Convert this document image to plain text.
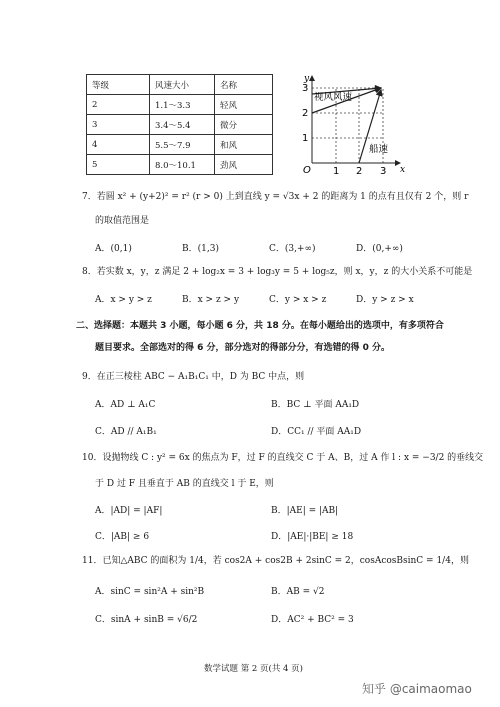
等级	风速大小	名称
2	1.1～3.3	轻风
3	3.4～5.4	微分
4	5.5～7.9	和风
5	8.0～10.1	劲风
y
x
O
1
2
3
1 2 3
视风风速
船速
7．若圆 x² + (y+2)² = r² (r > 0) 上到直线 y = √3x + 2 的距离为 1 的点有且仅有 2 个，则 r
的取值范围是
A．(0,1)	B．(1,3)	C．(3,+∞)	D．(0,+∞)
8．若实数 x，y，z 满足 2 + log₂x = 3 + log₃y = 5 + log₅z，则 x，y，z 的大小关系不可能是
A．x > y > z	B．x > z > y	C．y > x > z	D．y > z > x
二、选择题：本题共 3 小题，每小题 6 分，共 18 分。在每小题给出的选项中，有多项符合
题目要求。全部选对的得 6 分，部分选对的得部分分，有选错的得 0 分。
9．在正三棱柱 ABC − A₁B₁C₁ 中，D 为 BC 中点，则
A．AD ⊥ A₁C	B．BC ⊥ 平面 AA₁D
C．AD // A₁B₁	D．CC₁ // 平面 AA₁D
10．设抛物线 C : y² = 6x 的焦点为 F，过 F 的直线交 C 于 A、B，过 A 作 l : x = −3/2 的垂线交
于 D 过 F 且垂直于 AB 的直线交 l 于 E，则
A．|AD| = |AF|	B．|AE| = |AB|
C．|AB| ≥ 6	D．|AE|·|BE| ≥ 18
11．已知△ABC 的面积为 1/4，若 cos2A + cos2B + 2sinC = 2，cosAcosBsinC = 1/4，则
A．sinC = sin²A + sin²B	B．AB = √2
C．sinA + sinB = √6/2	D．AC² + BC² = 3
数学试题 第 2 页(共 4 页)
知乎 @caimaomao
